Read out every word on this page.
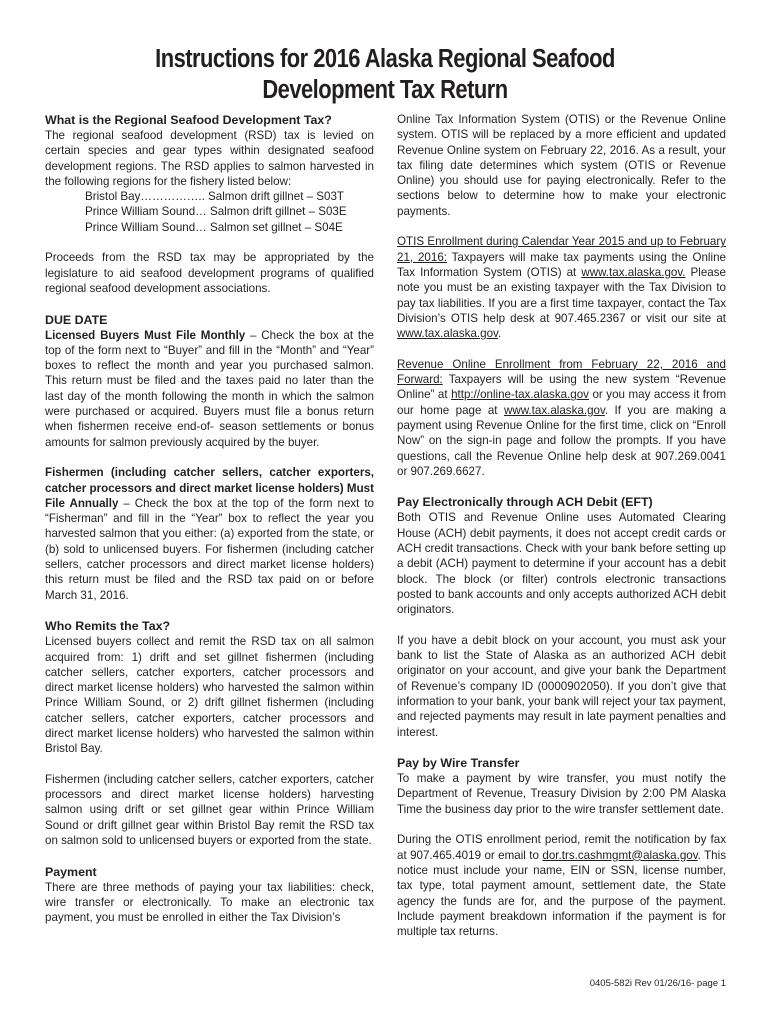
Instructions for 2016 Alaska Regional Seafood
Development Tax Return
What is the Regional Seafood Development Tax?

The regional seafood development (RSD) tax is levied on certain species and gear types within designated seafood development regions. The RSD applies to salmon harvested in the following regions for the fishery listed below:

Bristol Bay…………….. Salmon drift gillnet – S03T
Prince William Sound… Salmon drift gillnet – S03E
Prince William Sound… Salmon set gillnet – S04E

Proceeds from the RSD tax may be appropriated by the legislature to aid seafood development programs of qualified regional seafood development associations.

DUE DATE

Licensed Buyers Must File Monthly – Check the box at the top of the form next to “Buyer” and fill in the “Month” and “Year” boxes to reflect the month and year you purchased salmon. This return must be filed and the taxes paid no later than the last day of the month following the month in which the salmon were purchased or acquired. Buyers must file a bonus return when fishermen receive end-of- season settlements or bonus amounts for salmon previously acquired by the buyer.

Fishermen (including catcher sellers, catcher exporters, catcher processors and direct market license holders) Must File Annually – Check the box at the top of the form next to “Fisherman” and fill in the “Year” box to reflect the year you harvested salmon that you either: (a) exported from the state, or (b) sold to unlicensed buyers. For fishermen (including catcher sellers, catcher processors and direct market license holders) this return must be filed and the RSD tax paid on or before March 31, 2016.

Who Remits the Tax?

Licensed buyers collect and remit the RSD tax on all salmon acquired from: 1) drift and set gillnet fishermen (including catcher sellers, catcher exporters, catcher processors and direct market license holders) who harvested the salmon within Prince William Sound, or 2) drift gillnet fishermen (including catcher sellers, catcher exporters, catcher processors and direct market license holders) who harvested the salmon within Bristol Bay.

Fishermen (including catcher sellers, catcher exporters, catcher processors and direct market license holders) harvesting salmon using drift or set gillnet gear within Prince William Sound or drift gillnet gear within Bristol Bay remit the RSD tax on salmon sold to unlicensed buyers or exported from the state.

Payment

There are three methods of paying your tax liabilities: check, wire transfer or electronically. To make an electronic tax payment, you must be enrolled in either the Tax Division’s

Online Tax Information System (OTIS) or the Revenue Online system. OTIS will be replaced by a more efficient and updated Revenue Online system on February 22, 2016. As a result, your tax filing date determines which system (OTIS or Revenue Online) you should use for paying electronically. Refer to the sections below to determine how to make your electronic payments.

OTIS Enrollment during Calendar Year 2015 and up to February 21, 2016: Taxpayers will make tax payments using the Online Tax Information System (OTIS) at www.tax.alaska.gov. Please note you must be an existing taxpayer with the Tax Division to pay tax liabilities. If you are a first time taxpayer, contact the Tax Division’s OTIS help desk at 907.465.2367 or visit our site at www.tax.alaska.gov.

Revenue Online Enrollment from February 22, 2016 and Forward: Taxpayers will be using the new system “Revenue Online” at http://online-tax.alaska.gov or you may access it from our home page at www.tax.alaska.gov. If you are making a payment using Revenue Online for the first time, click on “Enroll Now” on the sign-in page and follow the prompts. If you have questions, call the Revenue Online help desk at 907.269.0041 or 907.269.6627.

Pay Electronically through ACH Debit (EFT)

Both OTIS and Revenue Online uses Automated Clearing House (ACH) debit payments, it does not accept credit cards or ACH credit transactions. Check with your bank before setting up a debit (ACH) payment to determine if your account has a debit block. The block (or filter) controls electronic transactions posted to bank accounts and only accepts authorized ACH debit originators.

If you have a debit block on your account, you must ask your bank to list the State of Alaska as an authorized ACH debit originator on your account, and give your bank the Department of Revenue’s company ID (0000902050). If you don’t give that information to your bank, your bank will reject your tax payment, and rejected payments may result in late payment penalties and interest.

Pay by Wire Transfer

To make a payment by wire transfer, you must notify the Department of Revenue, Treasury Division by 2:00 PM Alaska Time the business day prior to the wire transfer settlement date.

During the OTIS enrollment period, remit the notification by fax at 907.465.4019 or email to dor.trs.cashmgmt@alaska.gov. This notice must include your name, EIN or SSN, license number, tax type, total payment amount, settlement date, the State agency the funds are for, and the purpose of the payment. Include payment breakdown information if the payment is for multiple tax returns.

0405-582i Rev 01/26/16- page 1
